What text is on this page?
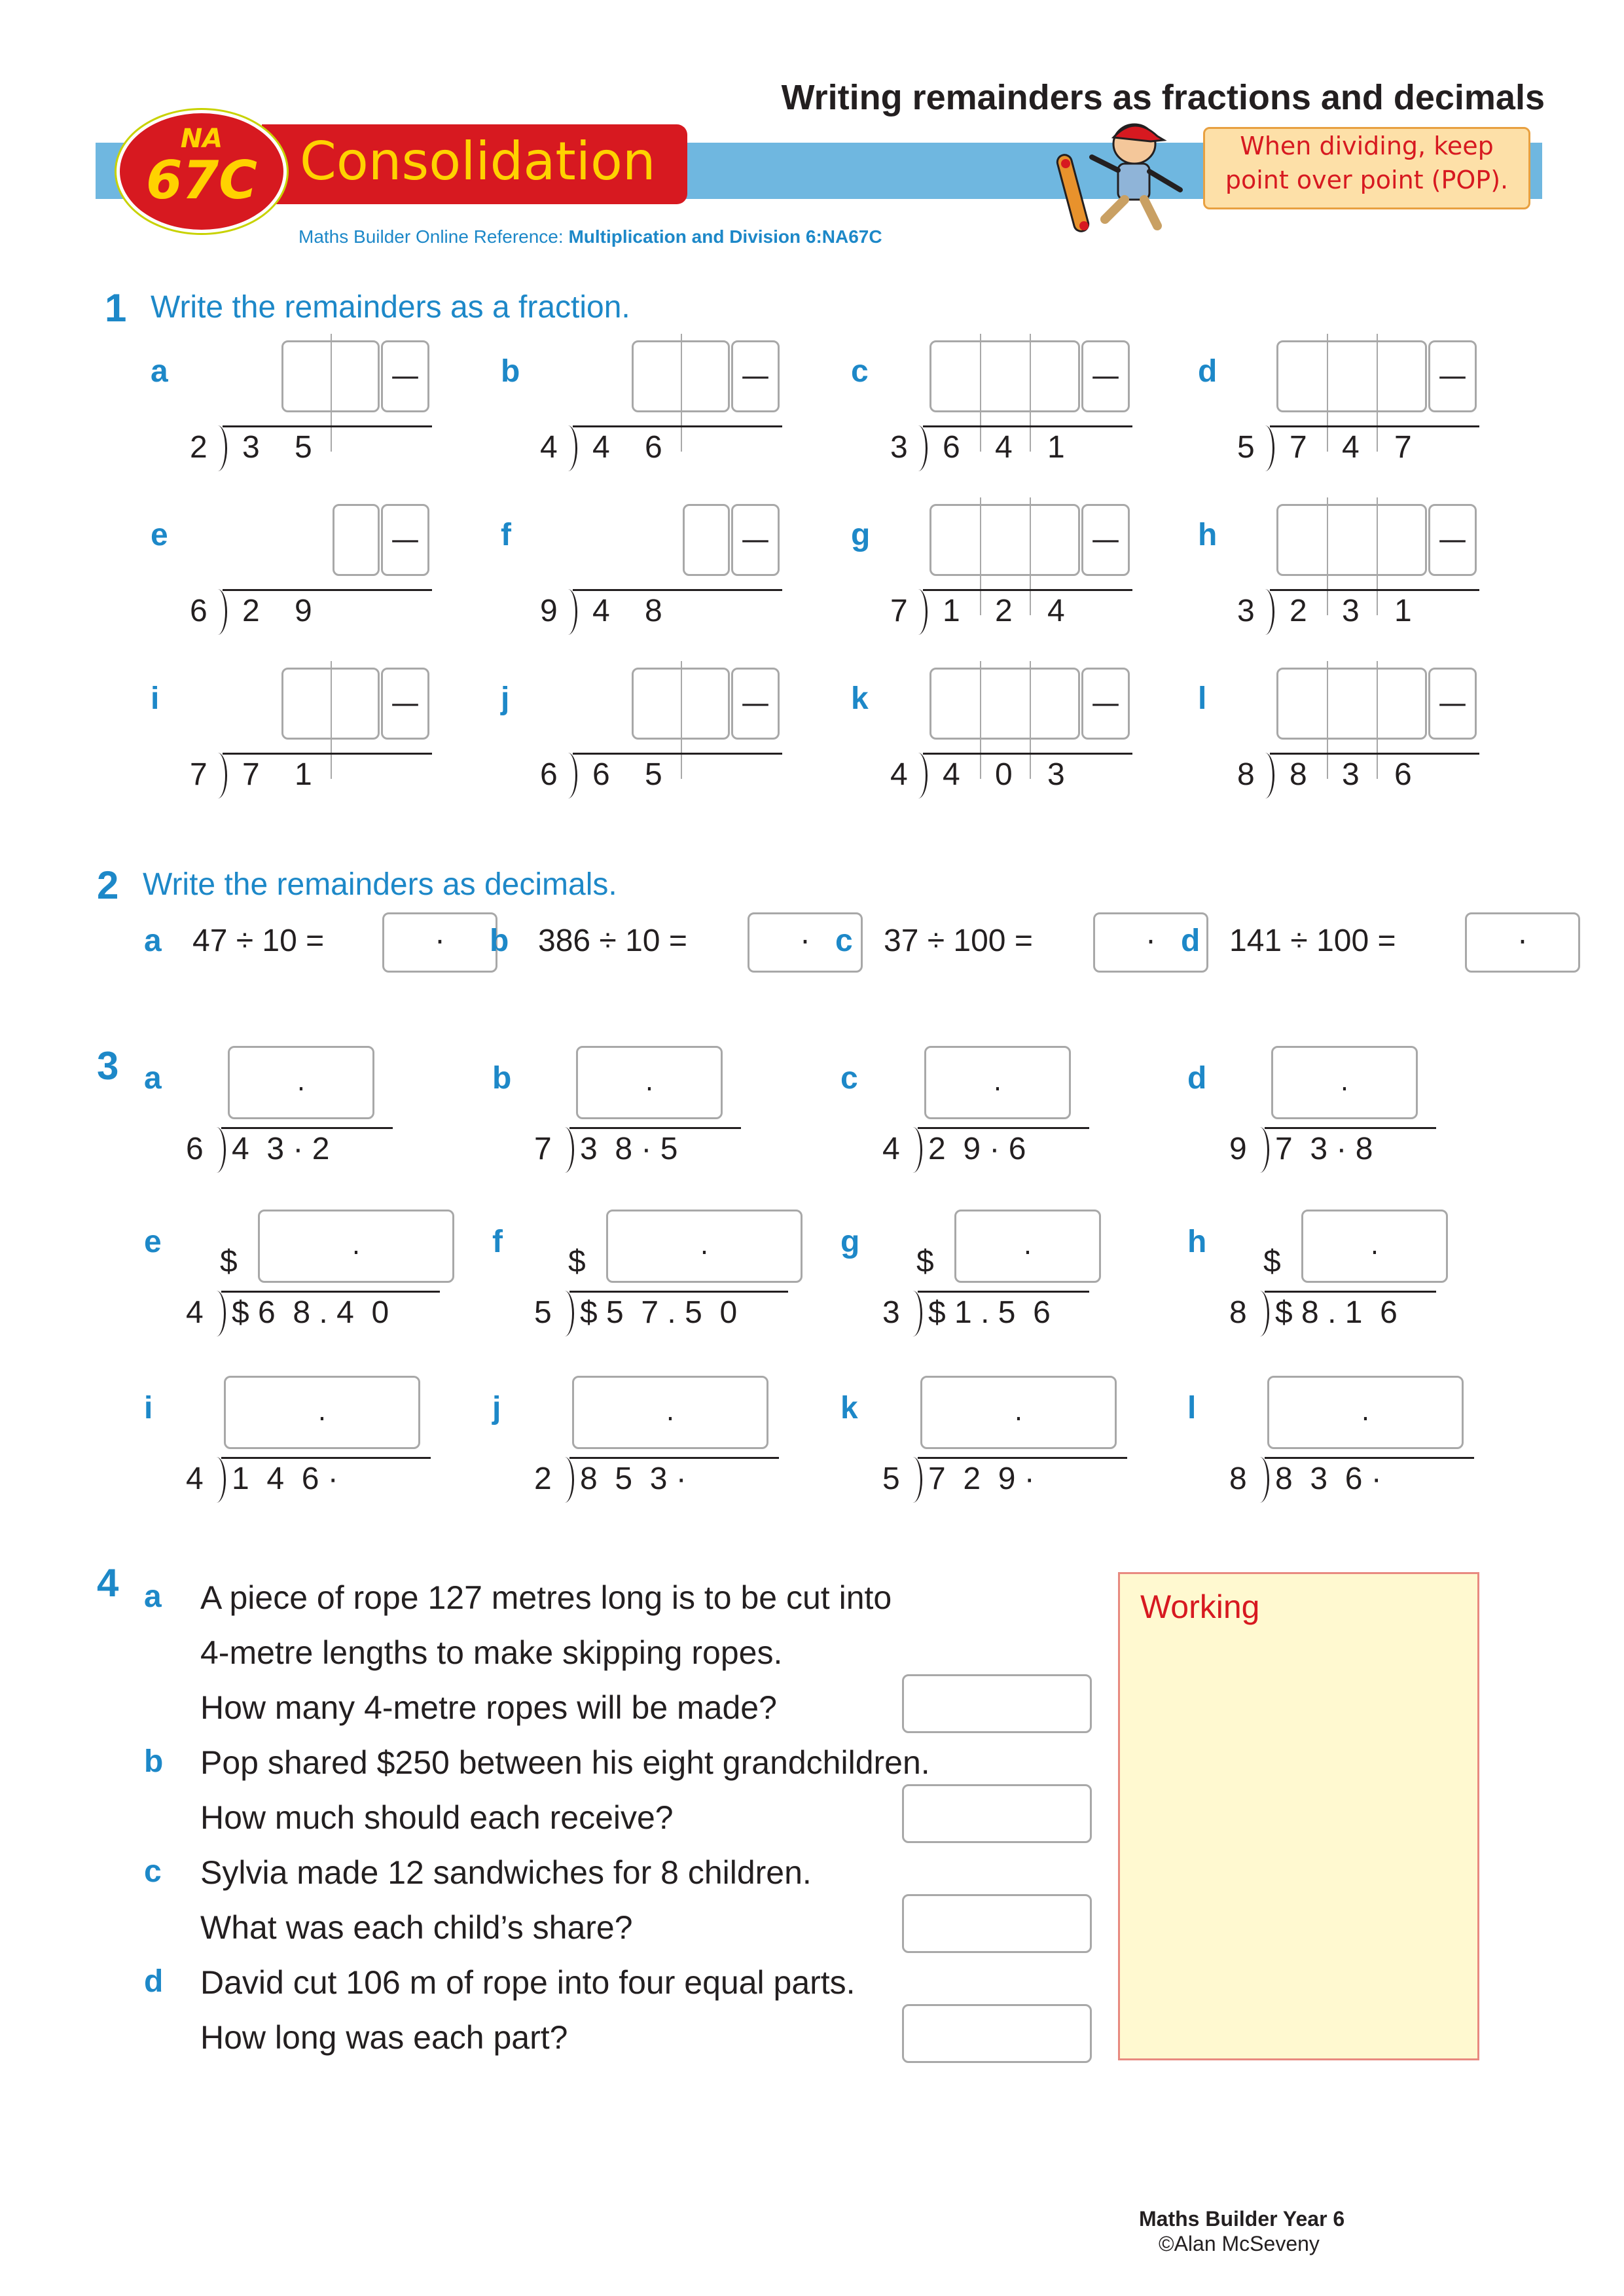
Writing remainders as fractions and decimals
NA
67C Consolidation
Maths Builder Online Reference: Multiplication and Division 6:NA67C
When dividing, keep point over point (POP).
1 Write the remainders as a fraction.
a	—
2 3 5
b	—
4 4 6
c	—
3 6 4 1
d	—
5 7 4 7
e	—
6 2 9
f	—
9 4 8
g	—
7 1 2 4
h	—
3 2 3 1
i	—
7 7 1
j	—
6 6 5
k	—
4 4 0 3
l	—
8 8 3 6
2 Write the remainders as decimals.
a 47 ÷ 10 =	·	b 386 ÷ 10 =	· c 37 ÷ 100 =	· d 141 ÷ 100 =	·
3 a	.
6 4  3 · 2
b	.
7 3  8 · 5
c	.
4 2  9 · 6
d	.
9 7  3 · 8
e	.
$
4 $ 6  8 . 4  0
f	.
$
5 $ 5  7 . 5  0
g	.
$
3 $ 1 . 5  6
h	.
$
8 $ 8 . 1  6
i	.
4 1  4  6 ·
j	.
2 8  5  3 ·
k	.
5 7  2  9 ·
l	.
8 8  3  6 ·
4 a A piece of rope 127 metres long is to be cut into
4-metre lengths to make skipping ropes.
How many 4-metre ropes will be made?
b Pop shared $250 between his eight grandchildren.
How much should each receive?
c Sylvia made 12 sandwiches for 8 children.
What was each child’s share?
d David cut 106 m of rope into four equal parts.
How long was each part?
Working
Maths Builder Year 6
©Alan McSeveny
